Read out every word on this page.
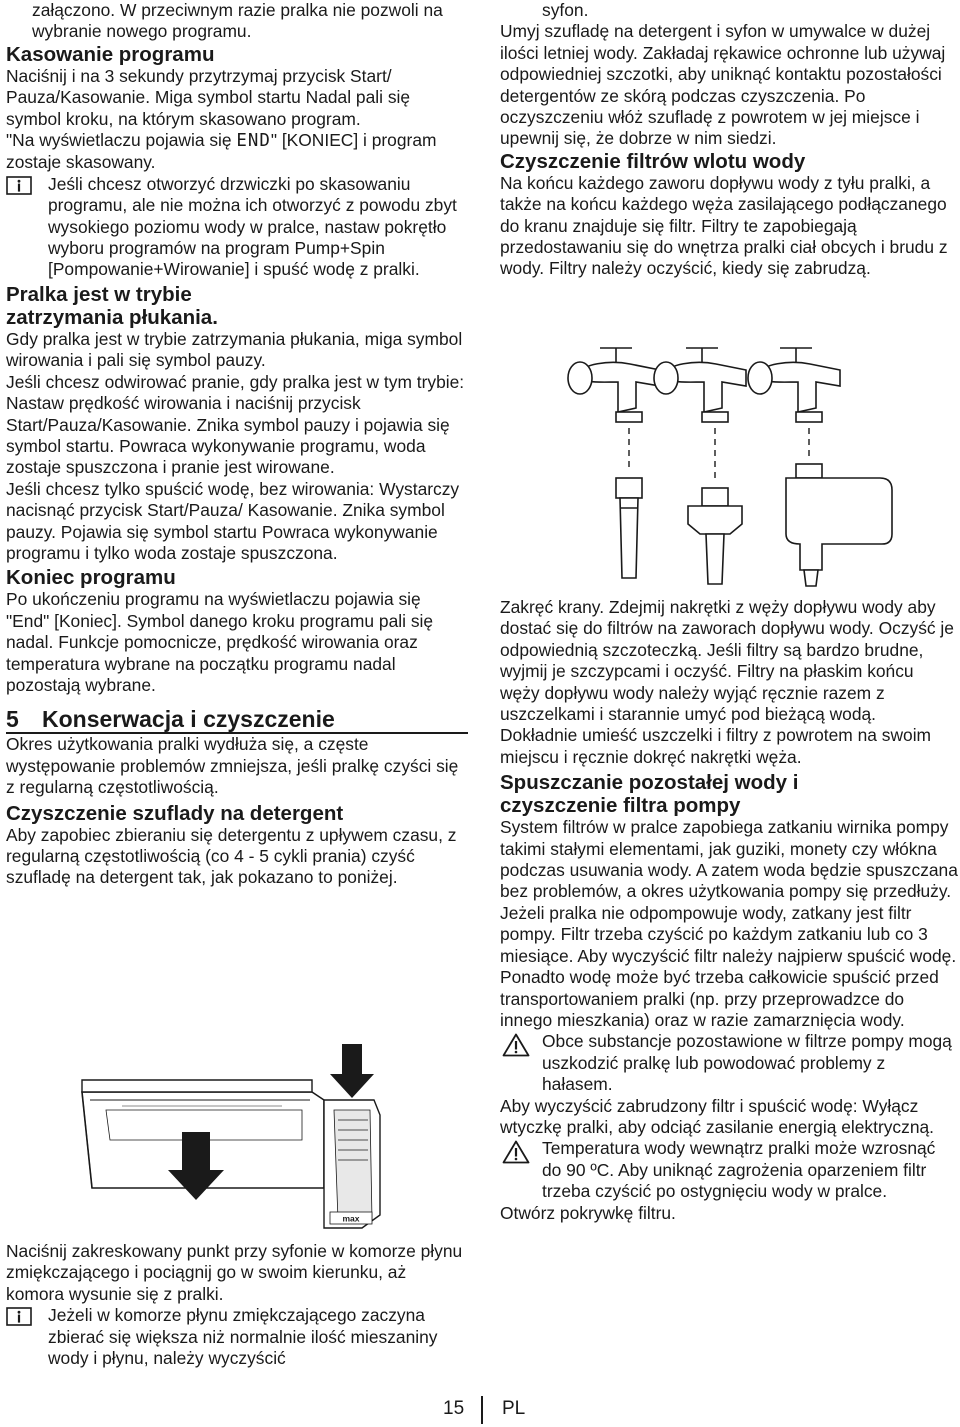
załączono. W przeciwnym razie pralka nie pozwoli na wybranie nowego programu.

Kasowanie programu

Naciśnij i na 3 sekundy przytrzymaj przycisk Start/ Pauza/Kasowanie. Miga symbol startu Nadal pali się symbol kroku, na którym skasowano program.

"Na wyświetlaczu pojawia się END" [KONIEC] i program zostaje skasowany.

Jeśli chcesz otworzyć drzwiczki po skasowaniu programu, ale nie można ich otworzyć z powodu zbyt wysokiego poziomu wody w pralce, nastaw pokrętło wyboru programów na program Pump+Spin [Pompowanie+Wirowanie] i spuść wodę z pralki.

Pralka jest w trybie zatrzymania płukania.

Gdy pralka jest w trybie zatrzymania płukania, miga symbol wirowania i pali się symbol pauzy.

Jeśli chcesz odwirować pranie, gdy pralka jest w tym trybie:

Nastaw prędkość wirowania i naciśnij przycisk Start/Pauza/Kasowanie. Znika symbol pauzy i pojawia się symbol startu. Powraca wykonywanie programu, woda zostaje spuszczona i pranie jest wirowane.

Jeśli chcesz tylko spuścić wodę, bez wirowania: Wystarczy nacisnąć przycisk Start/Pauza/ Kasowanie. Znika symbol pauzy. Pojawia się symbol startu Powraca wykonywanie programu i tylko woda zostaje spuszczona.

Koniec programu

Po ukończeniu programu na wyświetlaczu pojawia się "End" [Koniec]. Symbol danego kroku programu pali się nadal. Funkcje pomocnicze, prędkość wirowania oraz temperatura wybrane na początku programu nadal pozostają wybrane.

5 Konserwacja i czyszczenie

Okres użytkowania pralki wydłuża się, a częste występowanie problemów zmniejsza, jeśli pralkę czyści się z regularną częstotliwością.

Czyszczenie szuflady na detergent

Aby zapobiec zbieraniu się detergentu z upływem czasu, z regularną częstotliwością (co 4 - 5 cykli prania) czyść szufladę na detergent tak, jak pokazano to poniżej.

max

Naciśnij zakreskowany punkt przy syfonie w komorze płynu zmiękczającego i pociągnij go w swoim kierunku, aż komora wysunie się z pralki.

Jeżeli w komorze płynu zmiękczającego zaczyna zbierać się większa niż normalnie ilość mieszaniny wody i płynu, należy wyczyścić

syfon.

Umyj szufladę na detergent i syfon w umywalce w dużej ilości letniej wody. Zakładaj rękawice ochronne lub używaj odpowiedniej szczotki, aby uniknąć kontaktu pozostałości detergentów ze skórą podczas czyszczenia. Po oczyszczeniu włóż szufladę z powrotem w jej miejsce i upewnij się, że dobrze w nim siedzi.

Czyszczenie filtrów wlotu wody

Na końcu każdego zaworu dopływu wody z tyłu pralki, a także na końcu każdego węża zasilającego podłączanego do kranu znajduje się filtr. Filtry te zapobiegają przedostawaniu się do wnętrza pralki ciał obcych i brudu z wody. Filtry należy oczyścić, kiedy się zabrudzą.

Zakręć krany. Zdejmij nakrętki z węży dopływu wody aby dostać się do filtrów na zaworach dopływu wody. Oczyść je odpowiednią szczoteczką. Jeśli filtry są bardzo brudne, wyjmij je szczypcami i oczyść. Filtry na płaskim końcu węży dopływu wody należy wyjąć ręcznie razem z uszczelkami i starannie umyć pod bieżącą wodą. Dokładnie umieść uszczelki i filtry z powrotem na swoim miejscu i ręcznie dokręć nakrętki węża.

Spuszczanie pozostałej wody i czyszczenie filtra pompy

System filtrów w pralce zapobiega zatkaniu wirnika pompy takimi stałymi elementami, jak guziki, monety czy włókna podczas usuwania wody. A zatem woda będzie spuszczana bez problemów, a okres użytkowania pompy się przedłuży.

Jeżeli pralka nie odpompowuje wody, zatkany jest filtr pompy. Filtr trzeba czyścić po każdym zatkaniu lub co 3 miesiące. Aby wyczyścić filtr należy najpierw spuścić wodę.

Ponadto wodę może być trzeba całkowicie spuścić przed transportowaniem pralki (np. przy przeprowadzce do innego mieszkania) oraz w razie zamarznięcia wody.

Obce substancje pozostawione w filtrze pompy mogą uszkodzić pralkę lub powodować problemy z hałasem.

Aby wyczyścić zabrudzony filtr i spuścić wodę: Wyłącz wtyczkę pralki, aby odciąć zasilanie energią elektryczną.

Temperatura wody wewnątrz pralki może wzrosnąć do 90 ºC. Aby uniknąć zagrożenia oparzeniem filtr trzeba czyścić po ostygnięciu wody w pralce.

Otwórz pokrywkę filtru.

15 PL
